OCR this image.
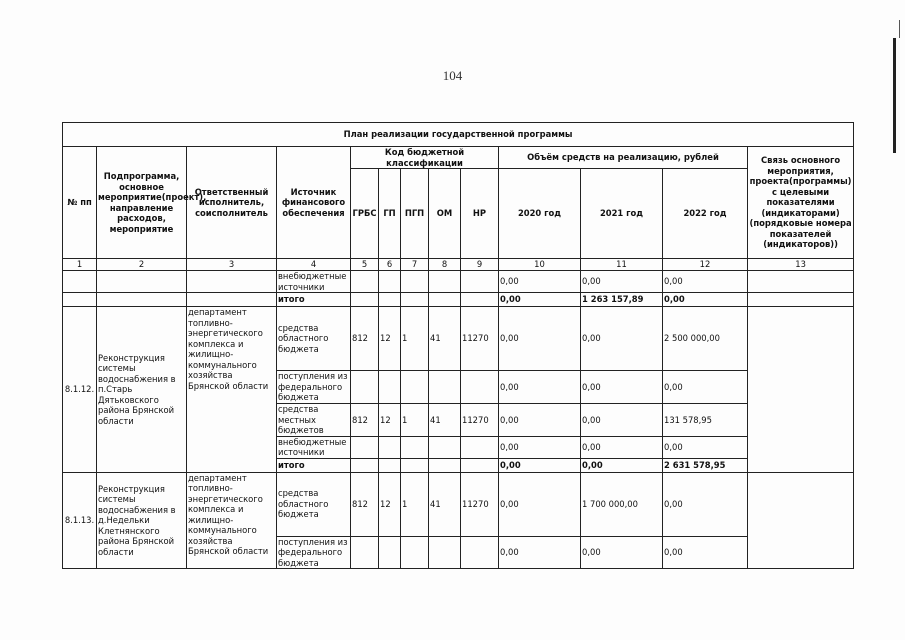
104
План реализации государственной программы												
№ пп	Подпрограмма, основное мероприятие(проект), направление расходов, мероприятие	Ответственный исполнитель, соисполнитель	Источник финансового обеспечения	Код бюджетной классификации					Объём средств на реализацию, рублей			Связь основного мероприятия, проекта(программы) с целевыми показателями (индикаторами) (порядковые номера показателей (индикаторов))
				ГРБС	ГП	ПГП	ОМ	НР	2020 год	2021 год	2022 год	
1	2	3	4	5	6	7	8	9	10	11	12	13
			внебюджетные источники						0,00	0,00	0,00	
			итого						0,00	1 263 157,89	0,00	
8.1.12.	Реконструкция системы водоснабжения в п.Старь Дятьковского района Брянской области	департамент топливно-энергетического комплекса и жилищно-коммунального хозяйства Брянской области	средства областного бюджета	812	12	1	41	11270	0,00	0,00	2 500 000,00	
			поступления из федерального бюджета						0,00	0,00	0,00	
			средства местных бюджетов	812	12	1	41	11270	0,00	0,00	131 578,95	
			внебюджетные источники						0,00	0,00	0,00	
			итого						0,00	0,00	2 631 578,95	
8.1.13.	Реконструкция системы водоснабжения в д.Недельки Клетнянского района Брянской области	департамент топливно-энергетического комплекса и жилищно-коммунального хозяйства Брянской области	средства областного бюджета	812	12	1	41	11270	0,00	1 700 000,00	0,00	
			поступления из федерального бюджета						0,00	0,00	0,00	
